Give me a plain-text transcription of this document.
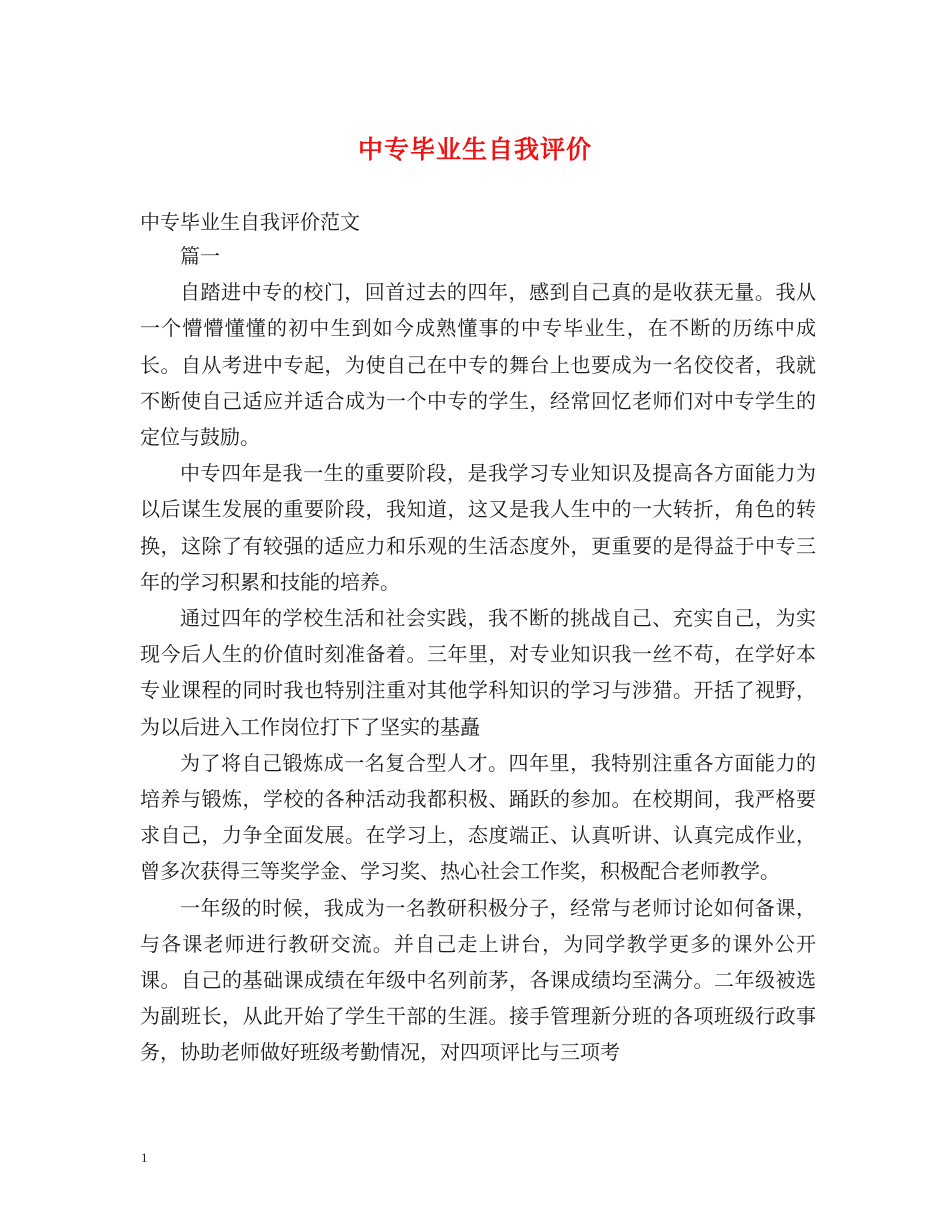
中专毕业生自我评价
中专毕业生自我评价范文

篇一

自踏进中专的校门，回首过去的四年，感到自己真的是收获无量。我从一个懵懵懂懂的初中生到如今成熟懂事的中专毕业生，在不断的历练中成长。自从考进中专起，为使自己在中专的舞台上也要成为一名佼佼者，我就不断使自己适应并适合成为一个中专的学生，经常回忆老师们对中专学生的定位与鼓励。

中专四年是我一生的重要阶段，是我学习专业知识及提高各方面能力为以后谋生发展的重要阶段，我知道，这又是我人生中的一大转折，角色的转换，这除了有较强的适应力和乐观的生活态度外，更重要的是得益于中专三年的学习积累和技能的培养。

通过四年的学校生活和社会实践，我不断的挑战自己、充实自己，为实现今后人生的价值时刻准备着。三年里，对专业知识我一丝不苟，在学好本专业课程的同时我也特别注重对其他学科知识的学习与涉猎。开括了视野，为以后进入工作岗位打下了坚实的基矗

为了将自己锻炼成一名复合型人才。四年里，我特别注重各方面能力的培养与锻炼，学校的各种活动我都积极、踊跃的参加。在校期间，我严格要求自己，力争全面发展。在学习上，态度端正、认真听讲、认真完成作业，曾多次获得三等奖学金、学习奖、热心社会工作奖，积极配合老师教学。

一年级的时候，我成为一名教研积极分子，经常与老师讨论如何备课，与各课老师进行教研交流。并自己走上讲台，为同学教学更多的课外公开课。自己的基础课成绩在年级中名列前茅，各课成绩均至满分。二年级被选为副班长，从此开始了学生干部的生涯。接手管理新分班的各项班级行政事务，协助老师做好班级考勤情况，对四项评比与三项考

1
